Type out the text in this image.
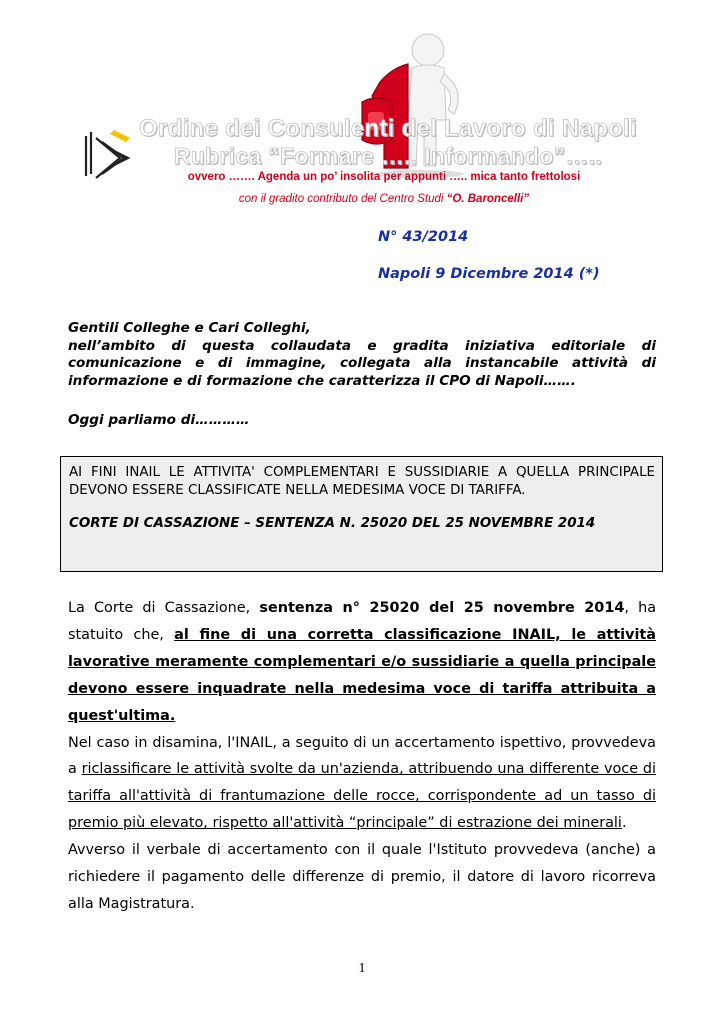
Ordine dei Consulenti del Lavoro di Napoli
Rubrica “Formare ….. Informando”…..
ovvero ……. Agenda un po’ insolita per appunti ….. mica tanto frettolosi
con il gradito contributo del Centro Studi “O. Baroncelli”
N° 43/2014
Napoli 9 Dicembre 2014 (*)

Gentili Colleghe e Cari Colleghi,

nell’ambito di questa collaudata e gradita iniziativa editoriale di comunicazione e di immagine, collegata alla instancabile attività di informazione e di formazione che caratterizza il CPO di Napoli…….

Oggi parliamo di…………

AI FINI INAIL LE ATTIVITA' COMPLEMENTARI E SUSSIDIARIE A QUELLA PRINCIPALE DEVONO ESSERE CLASSIFICATE NELLA MEDESIMA VOCE DI TARIFFA.

CORTE DI CASSAZIONE – SENTENZA N. 25020 DEL 25 NOVEMBRE 2014

La Corte di Cassazione, sentenza n° 25020 del 25 novembre 2014, ha statuito che, al fine di una corretta classificazione INAIL, le attività lavorative meramente complementari e/o sussidiarie a quella principale devono essere inquadrate nella medesima voce di tariffa attribuita a quest'ultima.

Nel caso in disamina, l'INAIL, a seguito di un accertamento ispettivo, provvedeva a riclassificare le attività svolte da un'azienda, attribuendo una differente voce di tariffa all'attività di frantumazione delle rocce, corrispondente ad un tasso di premio più elevato, rispetto all'attività “principale” di estrazione dei minerali.

Avverso il verbale di accertamento con il quale l'Istituto provvedeva (anche) a richiedere il pagamento delle differenze di premio, il datore di lavoro ricorreva alla Magistratura.

1
